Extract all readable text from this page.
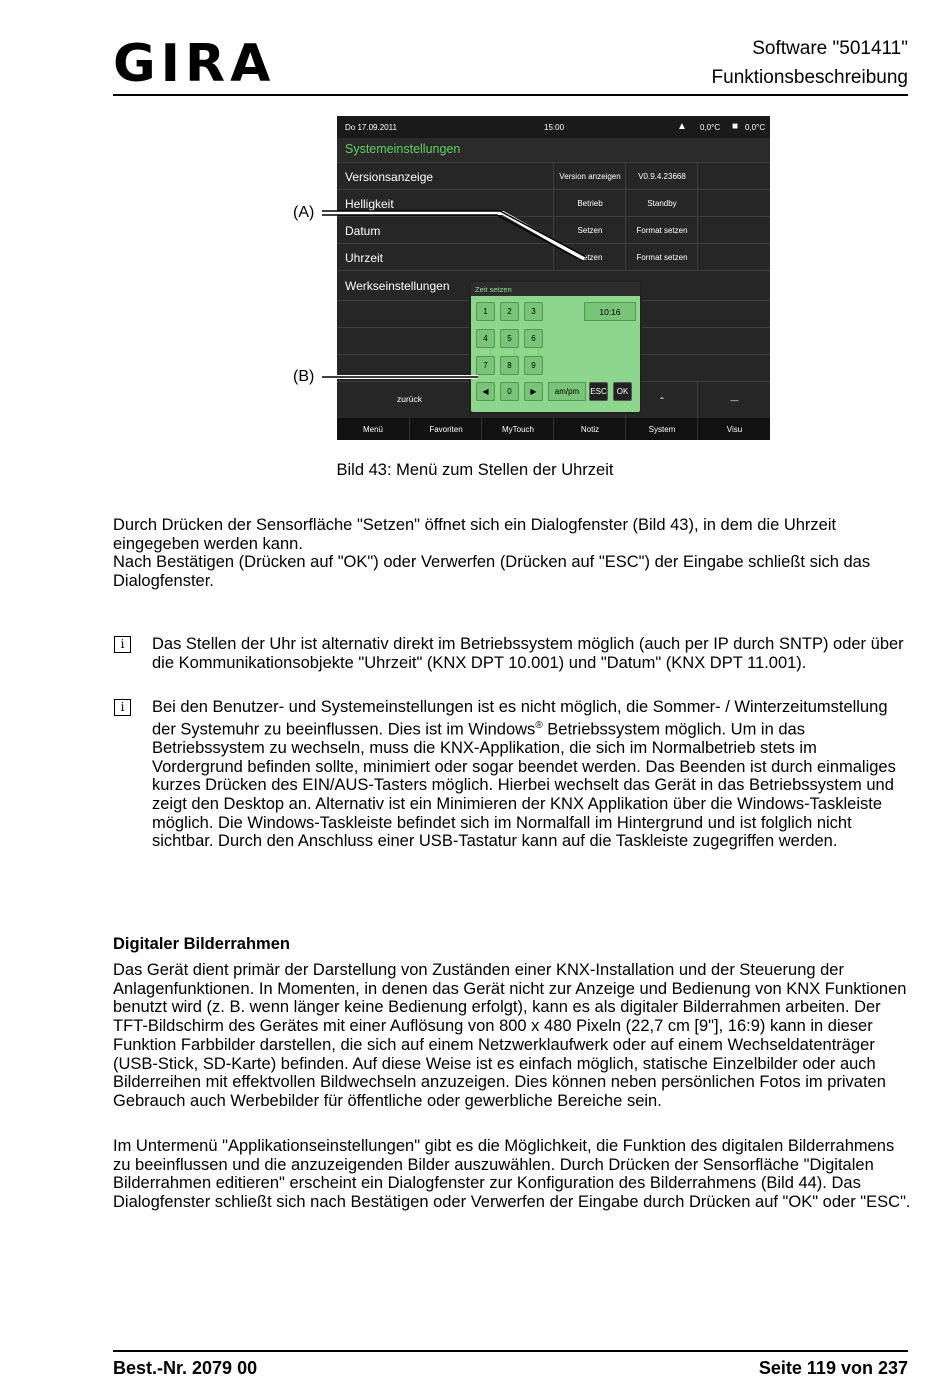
GIRA	Software "501411"
Funktionsbeschreibung
Do 17.09.2011	15:00	▲ 0,0°C ■ 0,0°C
Systemeinstellungen
Versionsanzeige	Version anzeigen	V0.9.4.23668
Helligkeit	Betrieb	Standby
Datum	Setzen	Format setzen
Uhrzeit	Setzen	Format setzen
Werkseinstellungen
⌃	—
zurück
Menü	Favoriten	MyTouch	Notiz	System	Visu
Zeit setzen
1	2	3	10:16
4	5	6
7	8	9
◀	0	▶	am/pm	ESC	OK
(A)
(B)
Bild 43: Menü zum Stellen der Uhrzeit
Durch Drücken der Sensorfläche "Setzen" öffnet sich ein Dialogfenster (Bild 43), in dem die Uhrzeit eingegeben werden kann.
Nach Bestätigen (Drücken auf "OK") oder Verwerfen (Drücken auf "ESC") der Eingabe schließt sich das Dialogfenster.
i	Das Stellen der Uhr ist alternativ direkt im Betriebssystem möglich (auch per IP durch SNTP) oder über die Kommunikationsobjekte "Uhrzeit" (KNX DPT 10.001) und "Datum" (KNX DPT 11.001).
i	Bei den Benutzer- und Systemeinstellungen ist es nicht möglich, die Sommer- / Winterzeitumstellung der Systemuhr zu beeinflussen. Dies ist im Windows® Betriebssystem möglich. Um in das Betriebssystem zu wechseln, muss die KNX-Applikation, die sich im Normalbetrieb stets im Vordergrund befinden sollte, minimiert oder sogar beendet werden. Das Beenden ist durch einmaliges kurzes Drücken des EIN/AUS-Tasters möglich. Hierbei wechselt das Gerät in das Betriebssystem und zeigt den Desktop an. Alternativ ist ein Minimieren der KNX Applikation über die Windows-Taskleiste möglich. Die Windows-Taskleiste befindet sich im Normalfall im Hintergrund und ist folglich nicht sichtbar. Durch den Anschluss einer USB-Tastatur kann auf die Taskleiste zugegriffen werden.
Digitaler Bilderrahmen
Das Gerät dient primär der Darstellung von Zuständen einer KNX-Installation und der Steuerung der Anlagenfunktionen. In Momenten, in denen das Gerät nicht zur Anzeige und Bedienung von KNX Funktionen benutzt wird (z. B. wenn länger keine Bedienung erfolgt), kann es als digitaler Bilderrahmen arbeiten. Der TFT-Bildschirm des Gerätes mit einer Auflösung von 800 x 480 Pixeln (22,7 cm [9"], 16:9) kann in dieser Funktion Farbbilder darstellen, die sich auf einem Netzwerklaufwerk oder auf einem Wechseldatenträger (USB-Stick, SD-Karte) befinden. Auf diese Weise ist es einfach möglich, statische Einzelbilder oder auch Bilderreihen mit effektvollen Bildwechseln anzuzeigen. Dies können neben persönlichen Fotos im privaten Gebrauch auch Werbebilder für öffentliche oder gewerbliche Bereiche sein.
Im Untermenü "Applikationseinstellungen" gibt es die Möglichkeit, die Funktion des digitalen Bilderrahmens zu beeinflussen und die anzuzeigenden Bilder auszuwählen. Durch Drücken der Sensorfläche "Digitalen Bilderrahmen editieren" erscheint ein Dialogfenster zur Konfiguration des Bilderrahmens (Bild 44). Das Dialogfenster schließt sich nach Bestätigen oder Verwerfen der Eingabe durch Drücken auf "OK" oder "ESC".
Best.-Nr. 2079 00	Seite 119 von 237
